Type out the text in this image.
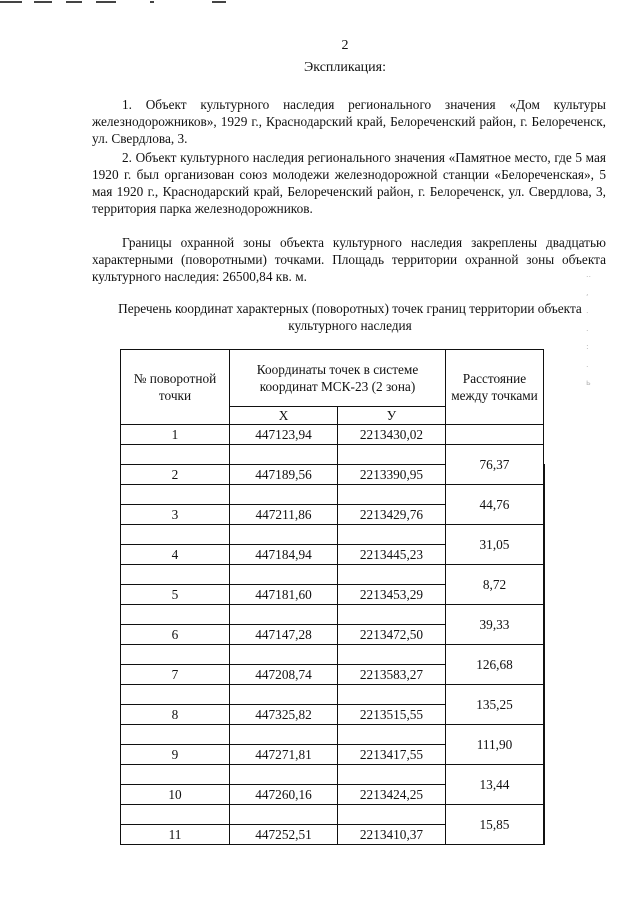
2
Экспликация:

1. Объект культурного наследия регионального значения «Дом культуры железнодорожников», 1929 г., Краснодарский край, Белореченский район, г. Белореченск, ул. Свердлова, 3.

2. Объект культурного наследия регионального значения «Памятное место, где 5 мая 1920 г. был организован союз молодежи железнодорожной станции «Белореченская», 5 мая 1920 г., Краснодарский край, Белореченский район, г. Белореченск, ул. Свердлова, 3, территория парка железнодорожников.

Границы охранной зоны объекта культурного наследия закреплены двадцатью характерными (поворотными) точками. Площадь территории охранной зоны объекта культурного наследия: 26500,84 кв. м.

Перечень координат характерных (поворотных) точек границ территории объекта культурного наследия
..
,
.
.
:
.
ь
№ поворотной точки	Координаты точек в системе координат МСК-23 (2 зона)		Расстояние между точками	
	X	У		
1	447123,94	2213430,02		
			76,37	
2	447189,56	2213390,95		
			44,76	
3	447211,86	2213429,76		
			31,05	
4	447184,94	2213445,23		
			8,72	
5	447181,60	2213453,29		
			39,33	
6	447147,28	2213472,50		
			126,68	
7	447208,74	2213583,27		
			135,25	
8	447325,82	2213515,55		
			111,90	
9	447271,81	2213417,55		
			13,44	
10	447260,16	2213424,25		
			15,85	
11	447252,51	2213410,37		
